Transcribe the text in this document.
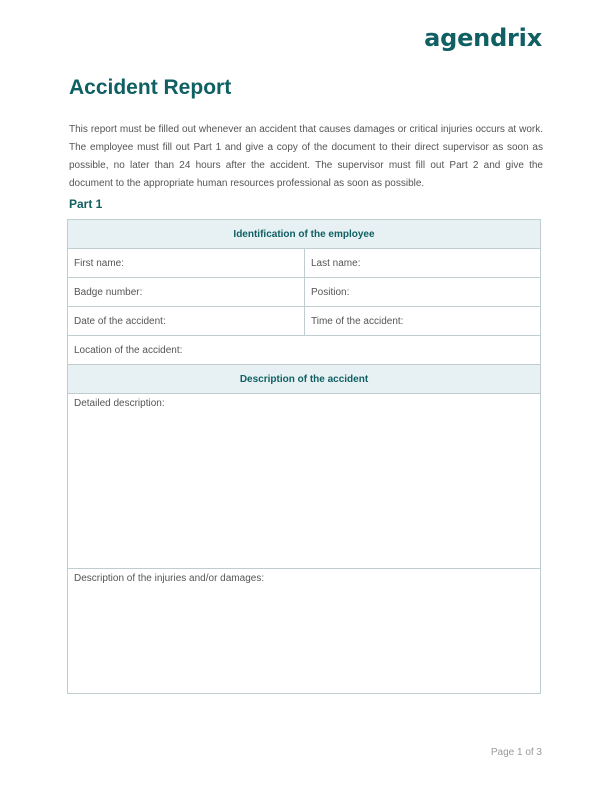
agendrix
Accident Report

This report must be filled out whenever an accident that causes damages or critical injuries occurs at work. The employee must fill out Part 1 and give a copy of the document to their direct supervisor as soon as possible, no later than 24 hours after the accident. The supervisor must fill out Part 2 and give the document to the appropriate human resources professional as soon as possible.

Part 1
Identification of the employee
First name:	Last name:
Badge number:	Position:
Date of the accident:	Time of the accident:
Location of the accident:
Description of the accident
Detailed description:
Description of the injuries and/or damages:
Page 1 of 3
